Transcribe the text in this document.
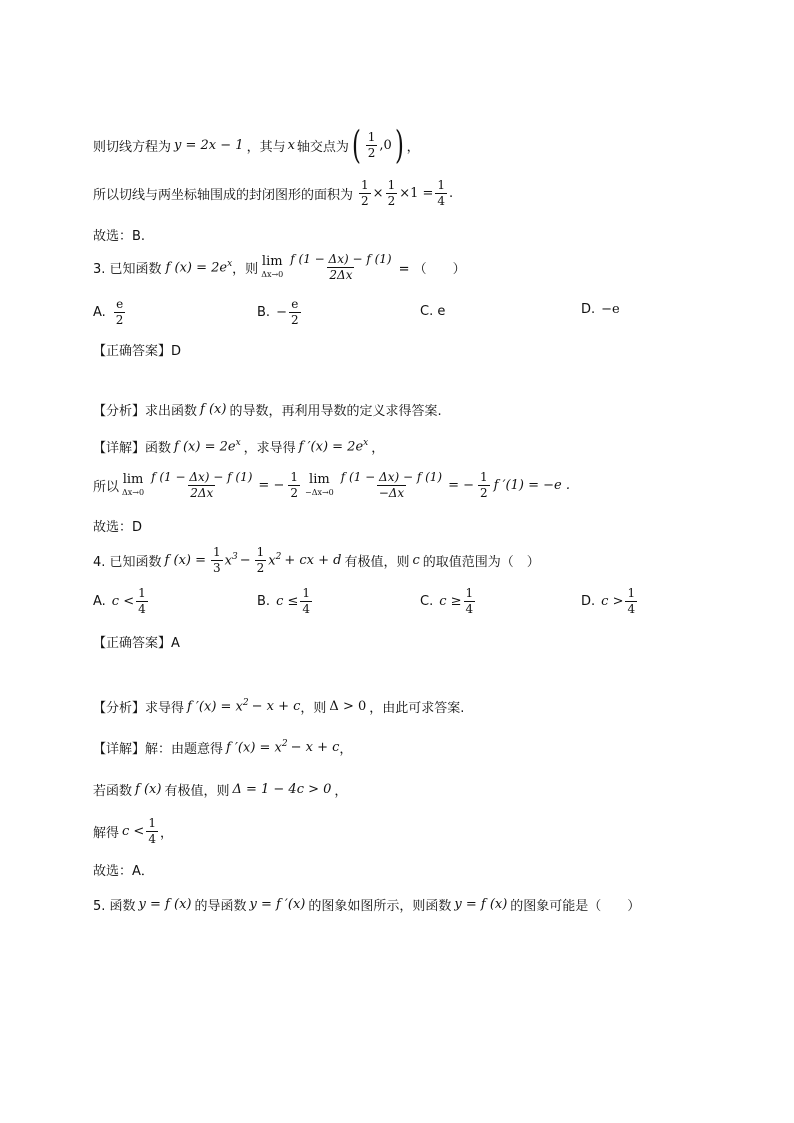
则切线方程为 y = 2x − 1 ，其与 x 轴交点为 ( $\frac{1}{2} ,0$ ) ，
所以切线与两坐标轴围成的封闭图形的面积为 $\frac{1}{2} \times \frac{1}{2} \times 1 = \frac{1}{4}$ .
故选：B.
3. 已知函数 f $(x) = 2e^x$ ，则
lim
$\Delta x\to 0 \frac{f (1 - \Delta x) - f (1)}{2\Delta x}$ = （　　）
A. $\frac{e}{2}$	B. − $\frac{e}{2}$	C. e	D. −e
【正确答案】D
【分析】求出函数 f (x) 的导数，再利用导数的定义求得答案.
【详解】函数 f $(x) = 2e^x$ ，求导得 f $'(x) = 2e^x$ ，
所以
lim
$\Delta x\to 0 \frac{f (1 - \Delta x) - f (1)}{2\Delta x}$ = − $\frac{1}{2}$ lim
$-\Delta x\to 0 \frac{f (1 - \Delta x) - f (1)}{-\Delta x}$ = − $\frac{1}{2}$ f ′(1) = −e .
故选：D
4. 已知函数 f $(x) = \frac{1}{3} x^3 - \frac{1}{2} x^2$ + cx + d 有极值，则 c 的取值范围为（　）
A. $c < \frac{1}{4}$	B. $c \le \frac{1}{4}$	C. $c \ge \frac{1}{4}$	D. $c > \frac{1}{4}$
【正确答案】A
【分析】求导得 f $'(x) = x^2 - x + c$ ，则 Δ > 0 ，由此可求答案.
【详解】解：由题意得 f $'(x) = x^2 - x + c$ ，
若函数 f (x) 有极值，则 Δ = 1 − 4c > 0 ，
解得 $c < \frac{1}{4}$ ，
故选：A．
5. 函数 y = f (x) 的导函数 y = f ′(x) 的图象如图所示，则函数 y = f (x) 的图象可能是（　　）
